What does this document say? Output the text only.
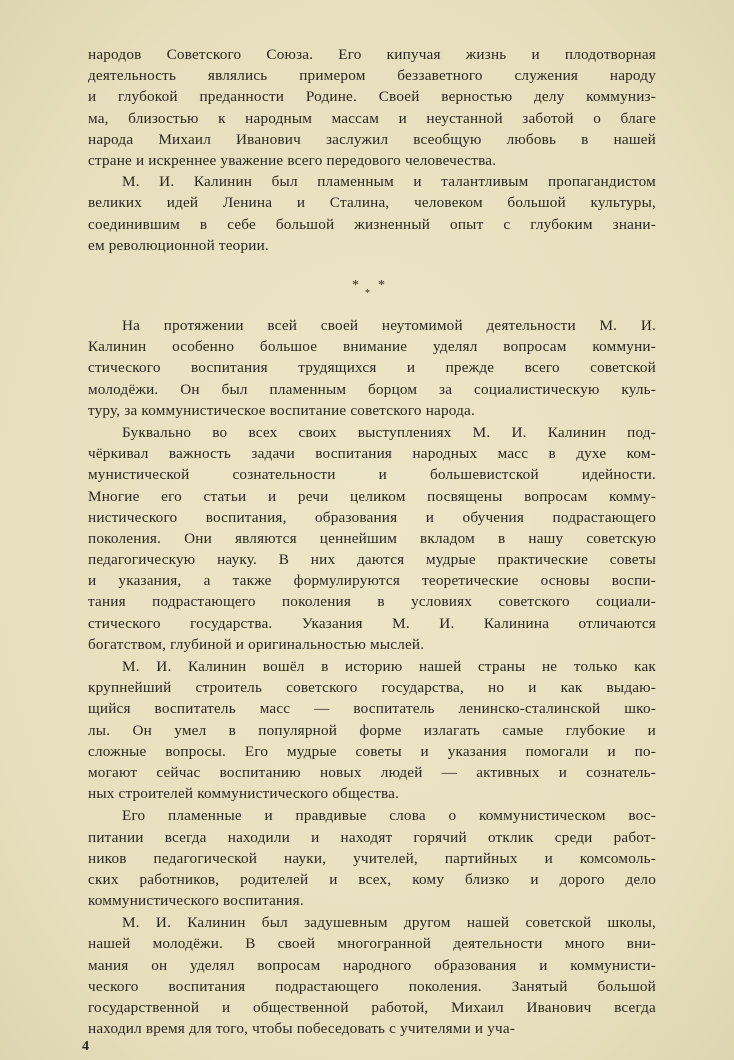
народов Советского Союза. Его кипучая жизнь и плодотворная
деятельность являлись примером беззаветного служения народу
и глубокой преданности Родине. Своей верностью делу коммуниз-
ма, близостью к народным массам и неустанной заботой о благе
народа Михаил Иванович заслужил всеобщую любовь в нашей
стране и искреннее уважение всего передового человечества.
М. И. Калинин был пламенным и талантливым пропагандистом
великих идей Ленина и Сталина, человеком большой культуры,
соединившим в себе большой жизненный опыт с глубоким знани-
ем революционной теории.
*
*
*
На протяжении всей своей неутомимой деятельности М. И.
Калинин особенно большое внимание уделял вопросам коммуни-
стического воспитания трудящихся и прежде всего советской
молодёжи. Он был пламенным борцом за социалистическую куль-
туру, за коммунистическое воспитание советского народа.
Буквально во всех своих выступлениях М. И. Калинин под-
чёркивал важность задачи воспитания народных масс в духе ком-
мунистической сознательности и большевистской идейности.
Многие его статьи и речи целиком посвящены вопросам комму-
нистического воспитания, образования и обучения подрастающего
поколения. Они являются ценнейшим вкладом в нашу советскую
педагогическую науку. В них даются мудрые практические советы
и указания, а также формулируются теоретические основы воспи-
тания подрастающего поколения в условиях советского социали-
стического государства. Указания М. И. Калинина отличаются
богатством, глубиной и оригинальностью мыслей.
М. И. Калинин вошёл в историю нашей страны не только как
крупнейший строитель советского государства, но и как выдаю-
щийся воспитатель масс — воспитатель ленинско-сталинской шко-
лы. Он умел в популярной форме излагать самые глубокие и
сложные вопросы. Его мудрые советы и указания помогали и по-
могают сейчас воспитанию новых людей — активных и сознатель-
ных строителей коммунистического общества.
Его пламенные и правдивые слова о коммунистическом вос-
питании всегда находили и находят горячий отклик среди работ-
ников педагогической науки, учителей, партийных и комсомоль-
ских работников, родителей и всех, кому близко и дорого дело
коммунистического воспитания.
М. И. Калинин был задушевным другом нашей советской школы,
нашей молодёжи. В своей многогранной деятельности много вни-
мания он уделял вопросам народного образования и коммунисти-
ческого воспитания подрастающего поколения. Занятый большой
государственной и общественной работой, Михаил Иванович всегда
находил время для того, чтобы побеседовать с учителями и уча-
4
